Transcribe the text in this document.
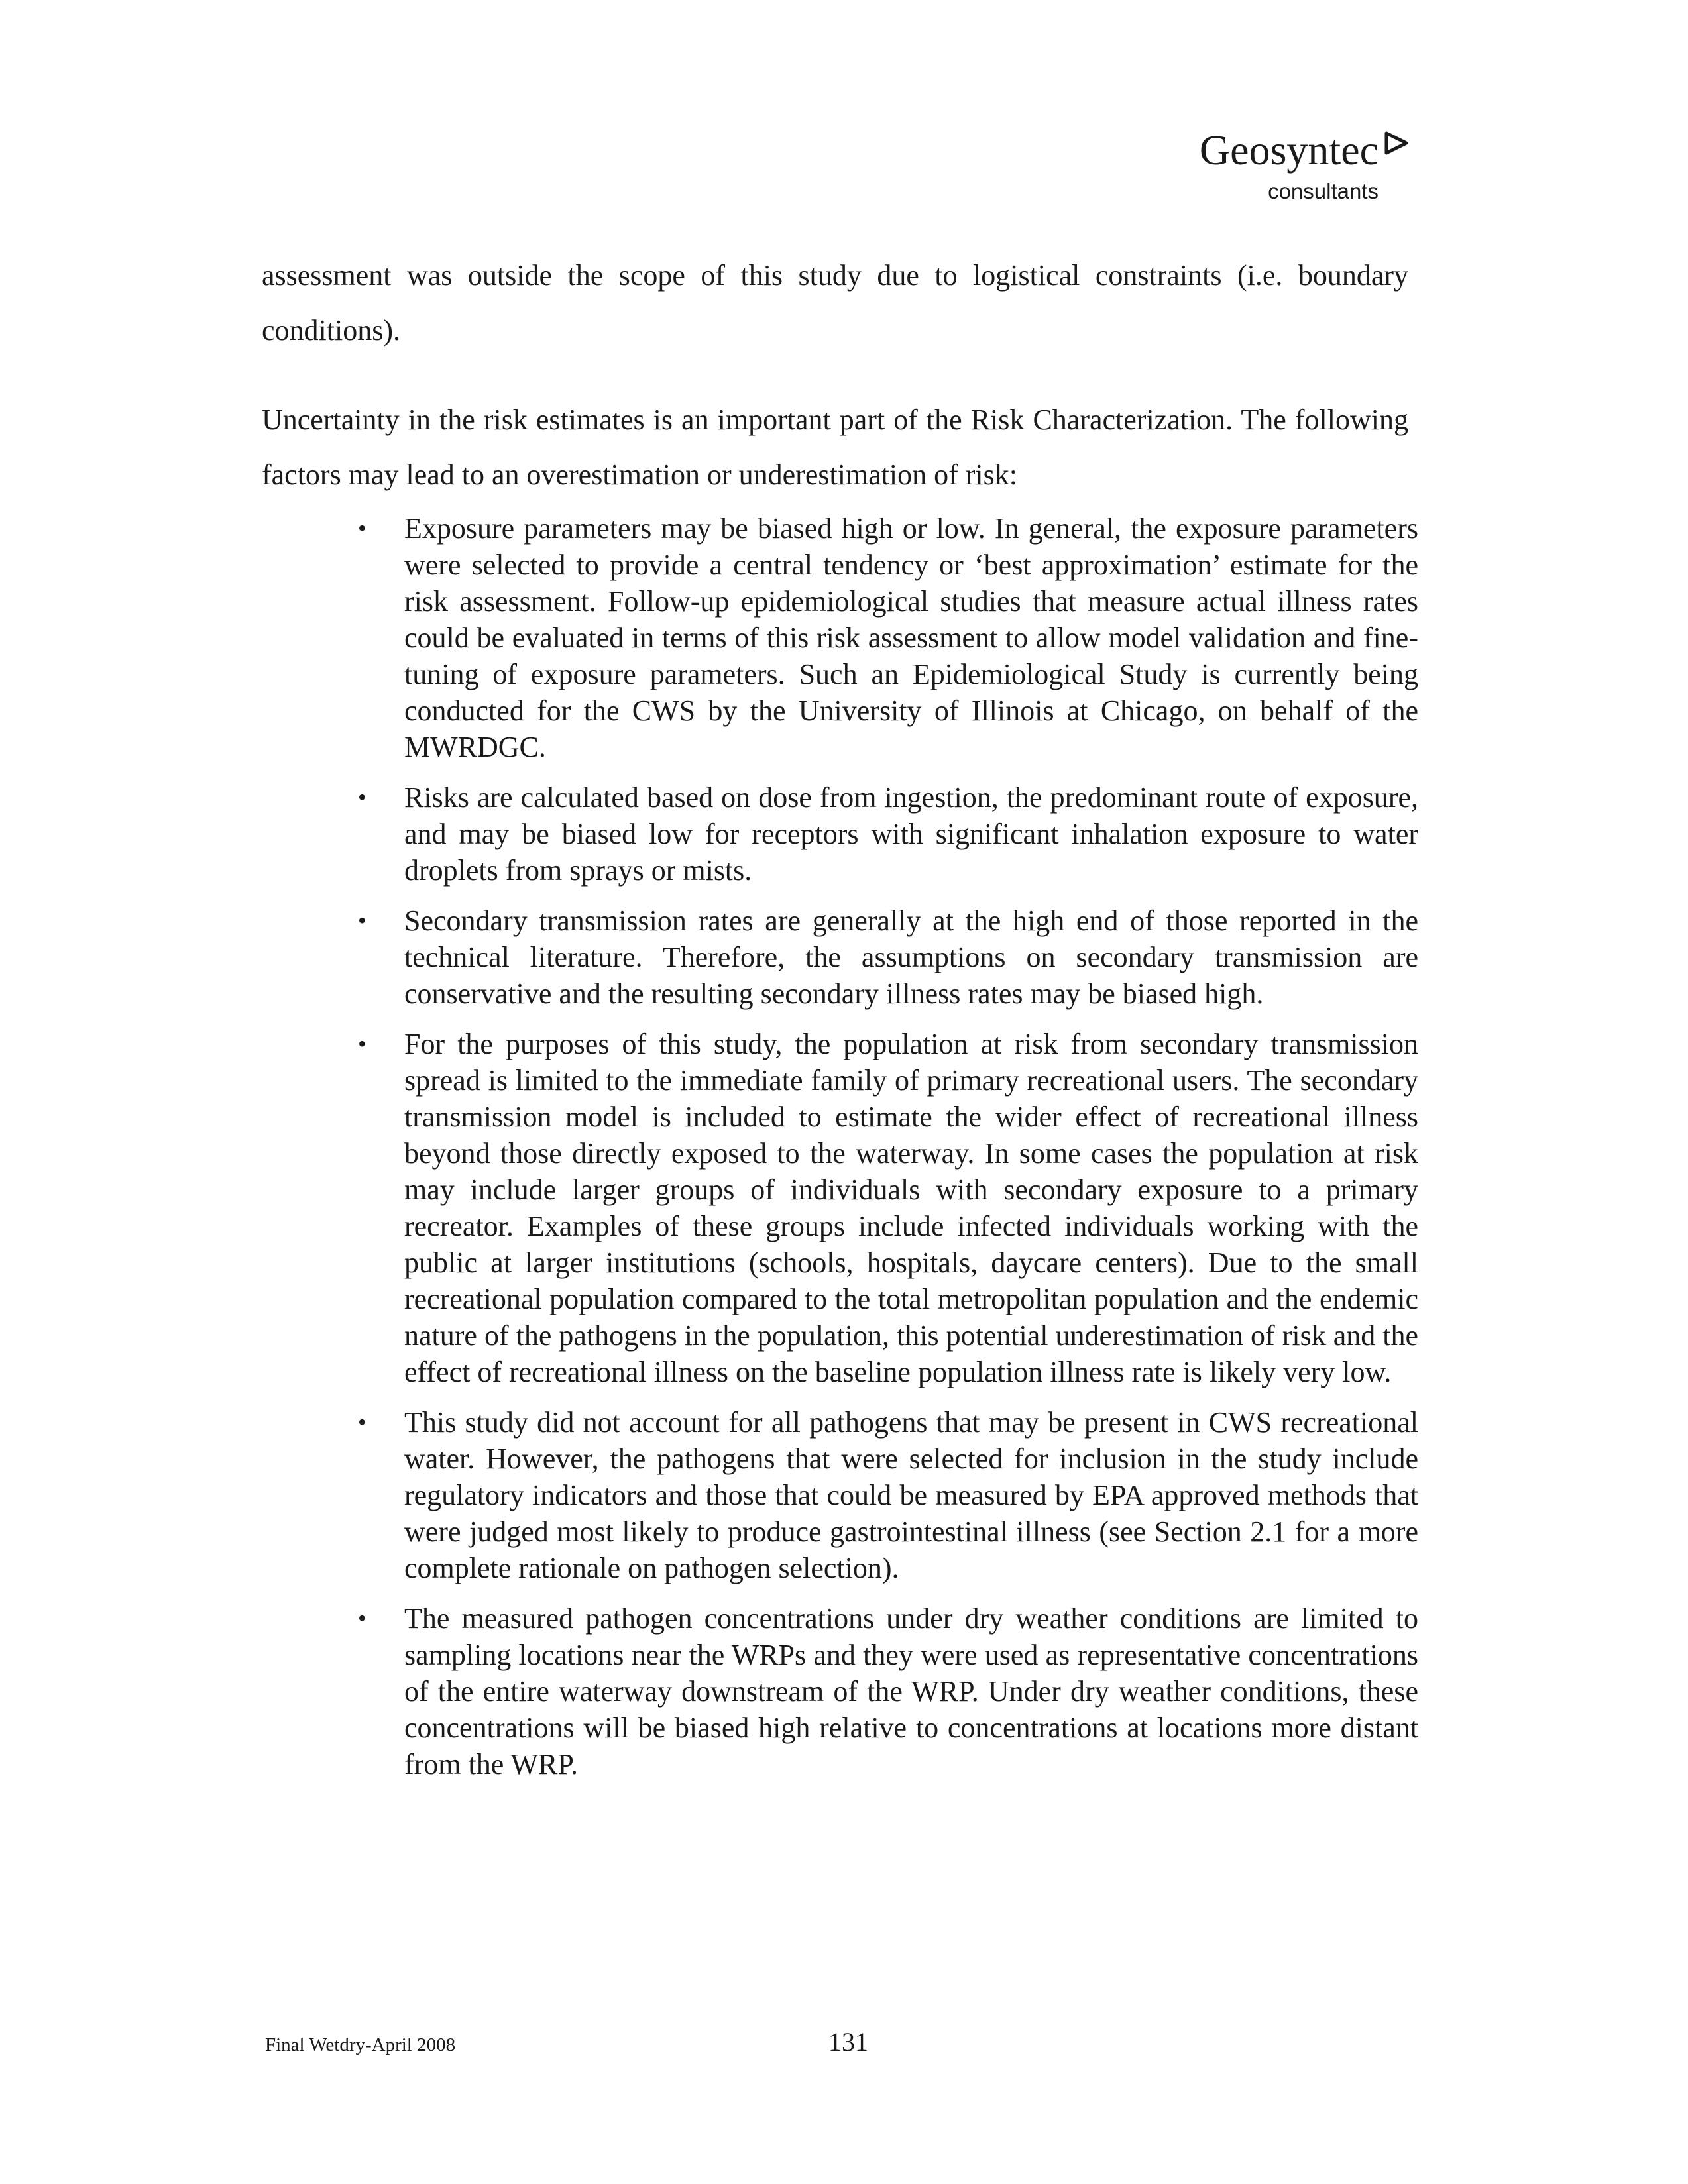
Geosyntec
consultants

assessment was outside the scope of this study due to logistical constraints (i.e. boundary conditions).

Uncertainty in the risk estimates is an important part of the Risk Characterization. The following factors may lead to an overestimation or underestimation of risk:

•	Exposure parameters may be biased high or low. In general, the exposure parameters were selected to provide a central tendency or ‘best approximation’ estimate for the risk assessment. Follow-up epidemiological studies that measure actual illness rates could be evaluated in terms of this risk assessment to allow model validation and fine-tuning of exposure parameters. Such an Epidemiological Study is currently being conducted for the CWS by the University of Illinois at Chicago, on behalf of the MWRDGC.
•	Risks are calculated based on dose from ingestion, the predominant route of exposure, and may be biased low for receptors with significant inhalation exposure to water droplets from sprays or mists.
•	Secondary transmission rates are generally at the high end of those reported in the technical literature. Therefore, the assumptions on secondary transmission are conservative and the resulting secondary illness rates may be biased high.
•	For the purposes of this study, the population at risk from secondary transmission spread is limited to the immediate family of primary recreational users. The secondary transmission model is included to estimate the wider effect of recreational illness beyond those directly exposed to the waterway. In some cases the population at risk may include larger groups of individuals with secondary exposure to a primary recreator. Examples of these groups include infected individuals working with the public at larger institutions (schools, hospitals, daycare centers). Due to the small recreational population compared to the total metropolitan population and the endemic nature of the pathogens in the population, this potential underestimation of risk and the effect of recreational illness on the baseline population illness rate is likely very low.
•	This study did not account for all pathogens that may be present in CWS recreational water. However, the pathogens that were selected for inclusion in the study include regulatory indicators and those that could be measured by EPA approved methods that were judged most likely to produce gastrointestinal illness (see Section 2.1 for a more complete rationale on pathogen selection).
•	The measured pathogen concentrations under dry weather conditions are limited to sampling locations near the WRPs and they were used as representative concentrations of the entire waterway downstream of the WRP. Under dry weather conditions, these concentrations will be biased high relative to concentrations at locations more distant from the WRP.
Final Wetdry-April 2008	131
